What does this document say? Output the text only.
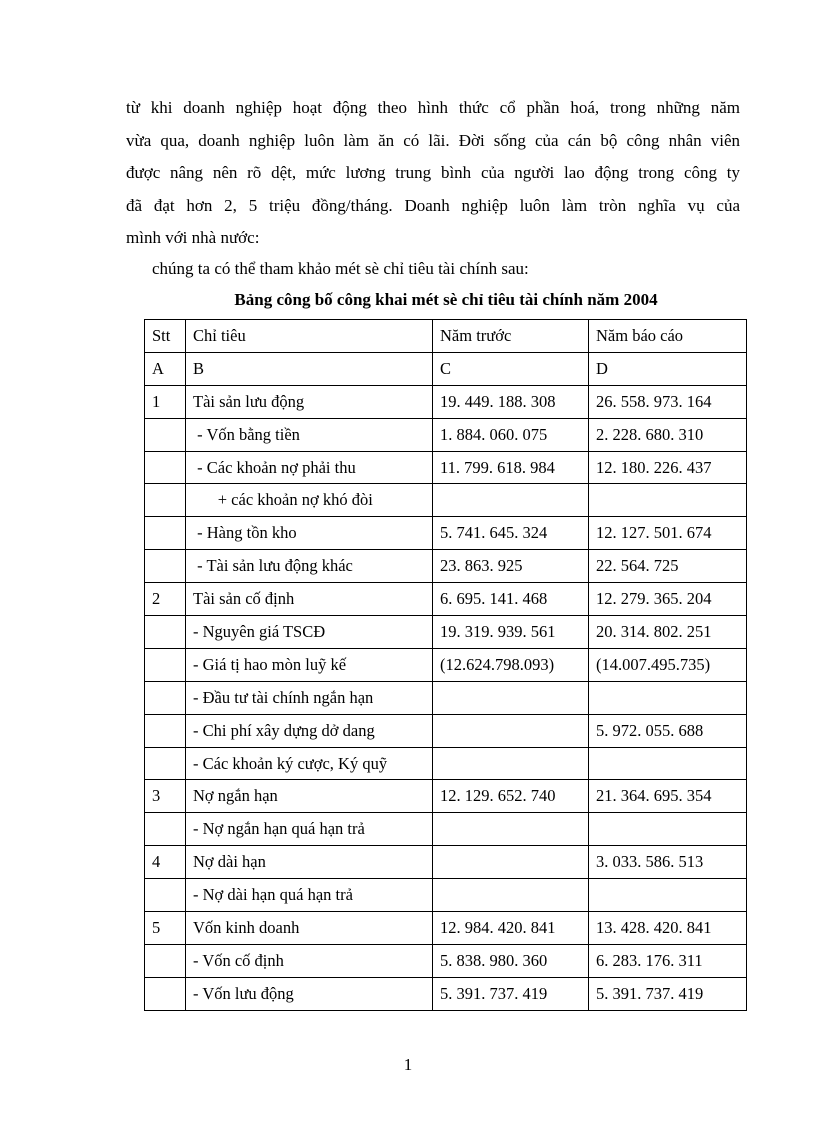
từ khi doanh nghiệp hoạt động theo hình thức cổ phần hoá, trong những năm
vừa qua, doanh nghiệp luôn làm ăn có lãi. Đời sống của cán bộ công nhân viên
được nâng nên rõ dệt, mức lương trung bình của người lao động trong công ty
đã đạt hơn 2, 5 triệu đồng/tháng. Doanh nghiệp luôn làm tròn nghĩa vụ của
mình với nhà nước:
chúng ta có thể tham khảo mét sè chỉ tiêu tài chính sau:
Bảng công bố công khai mét sè chỉ tiêu tài chính năm 2004
Stt	Chỉ tiêu	Năm trước	Năm báo cáo
A	B	C	D
1	Tài sản lưu động	19. 449. 188. 308	26. 558. 973. 164
	- Vốn bằng tiền	1. 884. 060. 075	2. 228. 680. 310
	- Các khoản nợ phải thu	11. 799. 618. 984	12. 180. 226. 437
	+ các khoản nợ khó đòi		
	- Hàng tồn kho	5. 741. 645. 324	12. 127. 501. 674
	- Tài sản lưu động khác	23. 863. 925	22. 564. 725
2	Tài sản cố định	6. 695. 141. 468	12. 279. 365. 204
	- Nguyên giá TSCĐ	19. 319. 939. 561	20. 314. 802. 251
	- Giá tị hao mòn luỹ kế	(12.624.798.093)	(14.007.495.735)
	- Đầu tư tài chính ngắn hạn		
	- Chi phí xây dựng dở dang		5. 972. 055. 688
	- Các khoản ký cược, Ký quỹ		
3	Nợ ngắn hạn	12. 129. 652. 740	21. 364. 695. 354
	- Nợ ngắn hạn quá hạn trả		
4	Nợ dài hạn		3. 033. 586. 513
	- Nợ dài hạn quá hạn trả		
5	Vốn kinh doanh	12. 984. 420. 841	13. 428. 420. 841
	- Vốn cố định	5. 838. 980. 360	6. 283. 176. 311
	- Vốn lưu động	5. 391. 737. 419	5. 391. 737. 419
1
